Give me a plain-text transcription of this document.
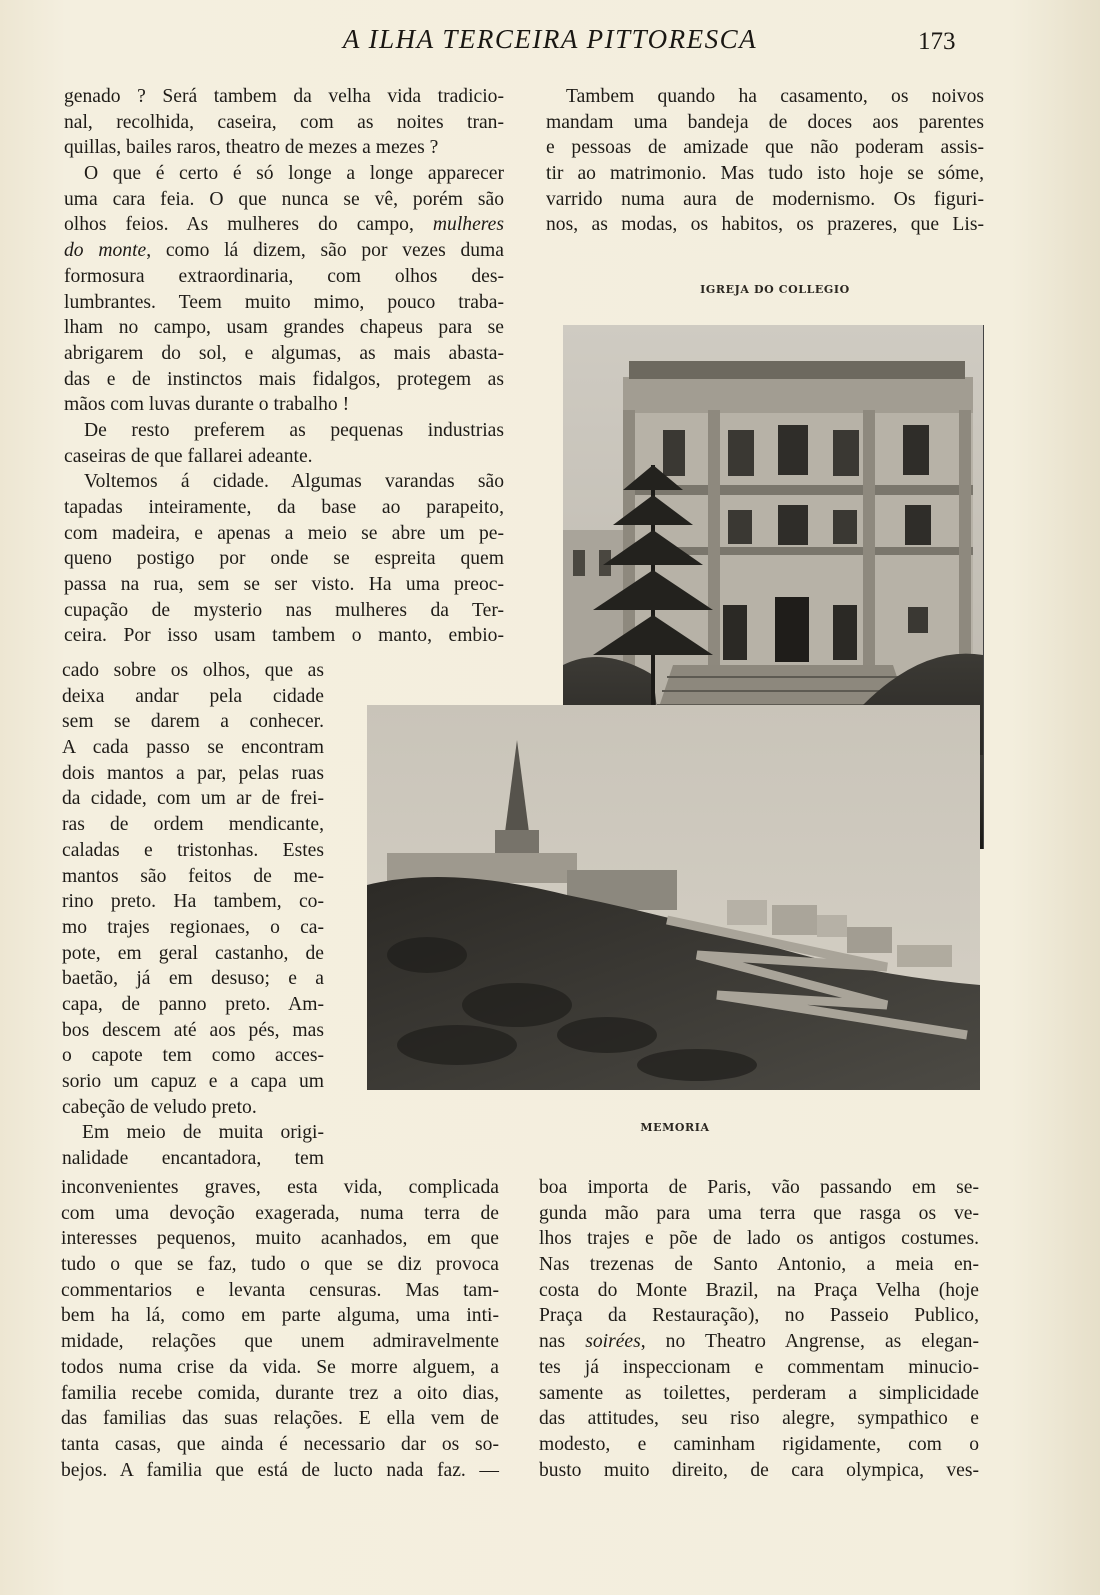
A ILHA TERCEIRA PITTORESCA	173
genado ? Será tambem da velha vida tradicio-
nal, recolhida, caseira, com as noites tran-
quillas, bailes raros, theatro de mezes a mezes ?
O que é certo é só longe a longe apparecer
uma cara feia. O que nunca se vê, porém são
olhos feios. As mulheres do campo, mulheres
do monte, como lá dizem, são por vezes duma
formosura extraordinaria, com olhos des-
lumbrantes. Teem muito mimo, pouco traba-
lham no campo, usam grandes chapeus para se
abrigarem do sol, e algumas, as mais abasta-
das e de instinctos mais fidalgos, protegem as
mãos com luvas durante o trabalho !
De resto preferem as pequenas industrias
caseiras de que fallarei adeante.
Voltemos á cidade. Algumas varandas são
tapadas inteiramente, da base ao parapeito,
com madeira, e apenas a meio se abre um pe-
queno postigo por onde se espreita quem
passa na rua, sem se ser visto. Ha uma preoc-
cupação de mysterio nas mulheres da Ter-
ceira. Por isso usam tambem o manto, embio-
cado sobre os olhos, que as
deixa andar pela cidade
sem se darem a conhecer.
A cada passo se encontram
dois mantos a par, pelas ruas
da cidade, com um ar de frei-
ras de ordem mendicante,
caladas e tristonhas. Estes
mantos são feitos de me-
rino preto. Ha tambem, co-
mo trajes regionaes, o ca-
pote, em geral castanho, de
baetão, já em desuso; e a
capa, de panno preto. Am-
bos descem até aos pés, mas
o capote tem como acces-
sorio um capuz e a capa um
cabeção de veludo preto.
Em meio de muita origi-
nalidade encantadora, tem
inconvenientes graves, esta vida, complicada
com uma devoção exagerada, numa terra de
interesses pequenos, muito acanhados, em que
tudo o que se faz, tudo o que se diz provoca
commentarios e levanta censuras. Mas tam-
bem ha lá, como em parte alguma, uma inti-
midade, relações que unem admiravelmente
todos numa crise da vida. Se morre alguem, a
familia recebe comida, durante trez a oito dias,
das familias das suas relações. E ella vem de
tanta casas, que ainda é necessario dar os so-
bejos. A familia que está de lucto nada faz. —
Tambem quando ha casamento, os noivos
mandam uma bandeja de doces aos parentes
e pessoas de amizade que não poderam assis-
tir ao matrimonio. Mas tudo isto hoje se sóme,
varrido numa aura de modernismo. Os figuri-
nos, as modas, os habitos, os prazeres, que Lis-
IGREJA DO COLLEGIO
MEMORIA
boa importa de Paris, vão passando em se-
gunda mão para uma terra que rasga os ve-
lhos trajes e põe de lado os antigos costumes.
Nas trezenas de Santo Antonio, a meia en-
costa do Monte Brazil, na Praça Velha (hoje
Praça da Restauração), no Passeio Publico,
nas soirées, no Theatro Angrense, as elegan-
tes já inspeccionam e commentam minucio-
samente as toilettes, perderam a simplicidade
das attitudes, seu riso alegre, sympathico e
modesto, e caminham rigidamente, com o
busto muito direito, de cara olympica, ves-
